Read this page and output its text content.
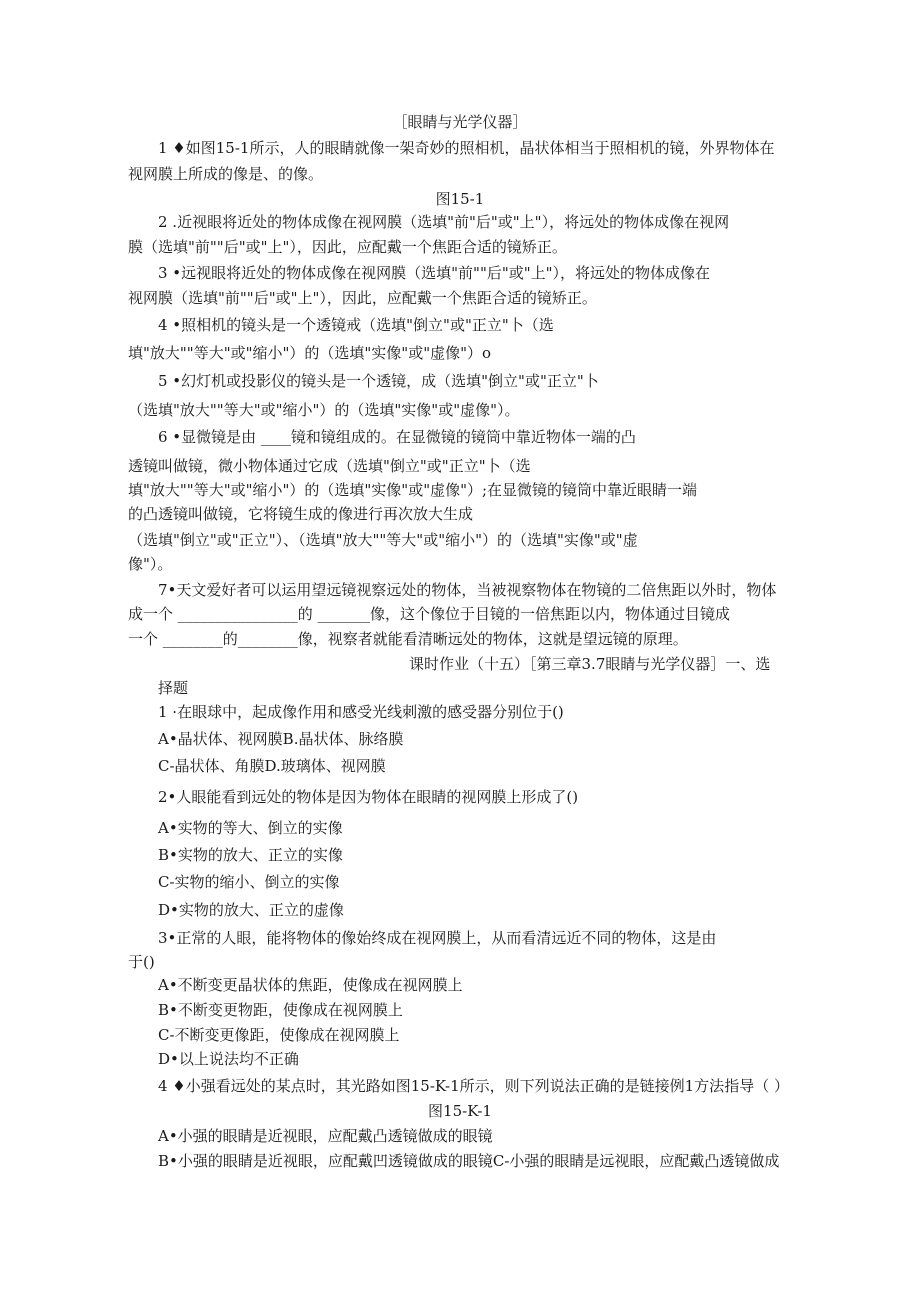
［眼睛与光学仪器］
1 ♦如图15-1所示，人的眼睛就像一架奇妙的照相机，晶状体相当于照相机的镜，外界物体在
视网膜上所成的像是、的像。
图15-1
2 .近视眼将近处的物体成像在视网膜（选填"前"后"或"上"），将远处的物体成像在视网
膜（选填"前""后"或"上"），因此，应配戴一个焦距合适的镜矫正。
3 •远视眼将近处的物体成像在视网膜（选填"前""后"或"上"），将远处的物体成像在
视网膜（选填"前""后"或"上"），因此，应配戴一个焦距合适的镜矫正。
4 •照相机的镜头是一个透镜戒（选填"倒立"或"正立"卜（选
填"放大""等大"或"缩小"）的（选填"实像"或"虚像"）o
5 •幻灯机或投影仪的镜头是一个透镜，成（选填"倒立"或"正立"卜
（选填"放大""等大"或"缩小"）的（选填"实像"或"虚像"）。
6 •显微镜是由 ____镜和镜组成的。在显微镜的镜筒中靠近物体一端的凸
透镜叫做镜，微小物体通过它成（选填"倒立"或"正立"卜（选
填"放大""等大"或"缩小"）的（选填"实像"或"虚像"）;在显微镜的镜筒中靠近眼睛一端
的凸透镜叫做镜，它将镜生成的像进行再次放大生成
（选填"倒立"或"正立"）、（选填"放大""等大"或"缩小"）的（选填"实像"或"虚
像"）。
7•天文爱好者可以运用望远镜视察远处的物体，当被视察物体在物镜的二倍焦距以外时，物体
成一个 ________________的 _______像，这个像位于目镜的一倍焦距以内，物体通过目镜成
一个 ________的________像，视察者就能看清晰远处的物体，这就是望远镜的原理。
课时作业（十五）［第三章3.7眼睛与光学仪器］一、选
择题
1 ·在眼球中，起成像作用和感受光线刺激的感受器分别位于()
A•晶状体、视网膜B.晶状体、脉络膜
C-晶状体、角膜D.玻璃体、视网膜
2•人眼能看到远处的物体是因为物体在眼睛的视网膜上形成了()
A•实物的等大、倒立的实像
B•实物的放大、正立的实像
C-实物的缩小、倒立的实像
D•实物的放大、正立的虚像
3•正常的人眼，能将物体的像始终成在视网膜上，从而看清远近不同的物体，这是由
于()
A•不断变更晶状体的焦距，使像成在视网膜上
B•不断变更物距，使像成在视网膜上
C-不断变更像距，使像成在视网膜上
D•以上说法均不正确
4 ♦小强看远处的某点时，其光路如图15-K-1所示，则下列说法正确的是链接例1方法指导（ ）
图15-K-1
A•小强的眼睛是近视眼，应配戴凸透镜做成的眼镜
B•小强的眼睛是近视眼，应配戴凹透镜做成的眼镜C-小强的眼睛是远视眼，应配戴凸透镜做成
